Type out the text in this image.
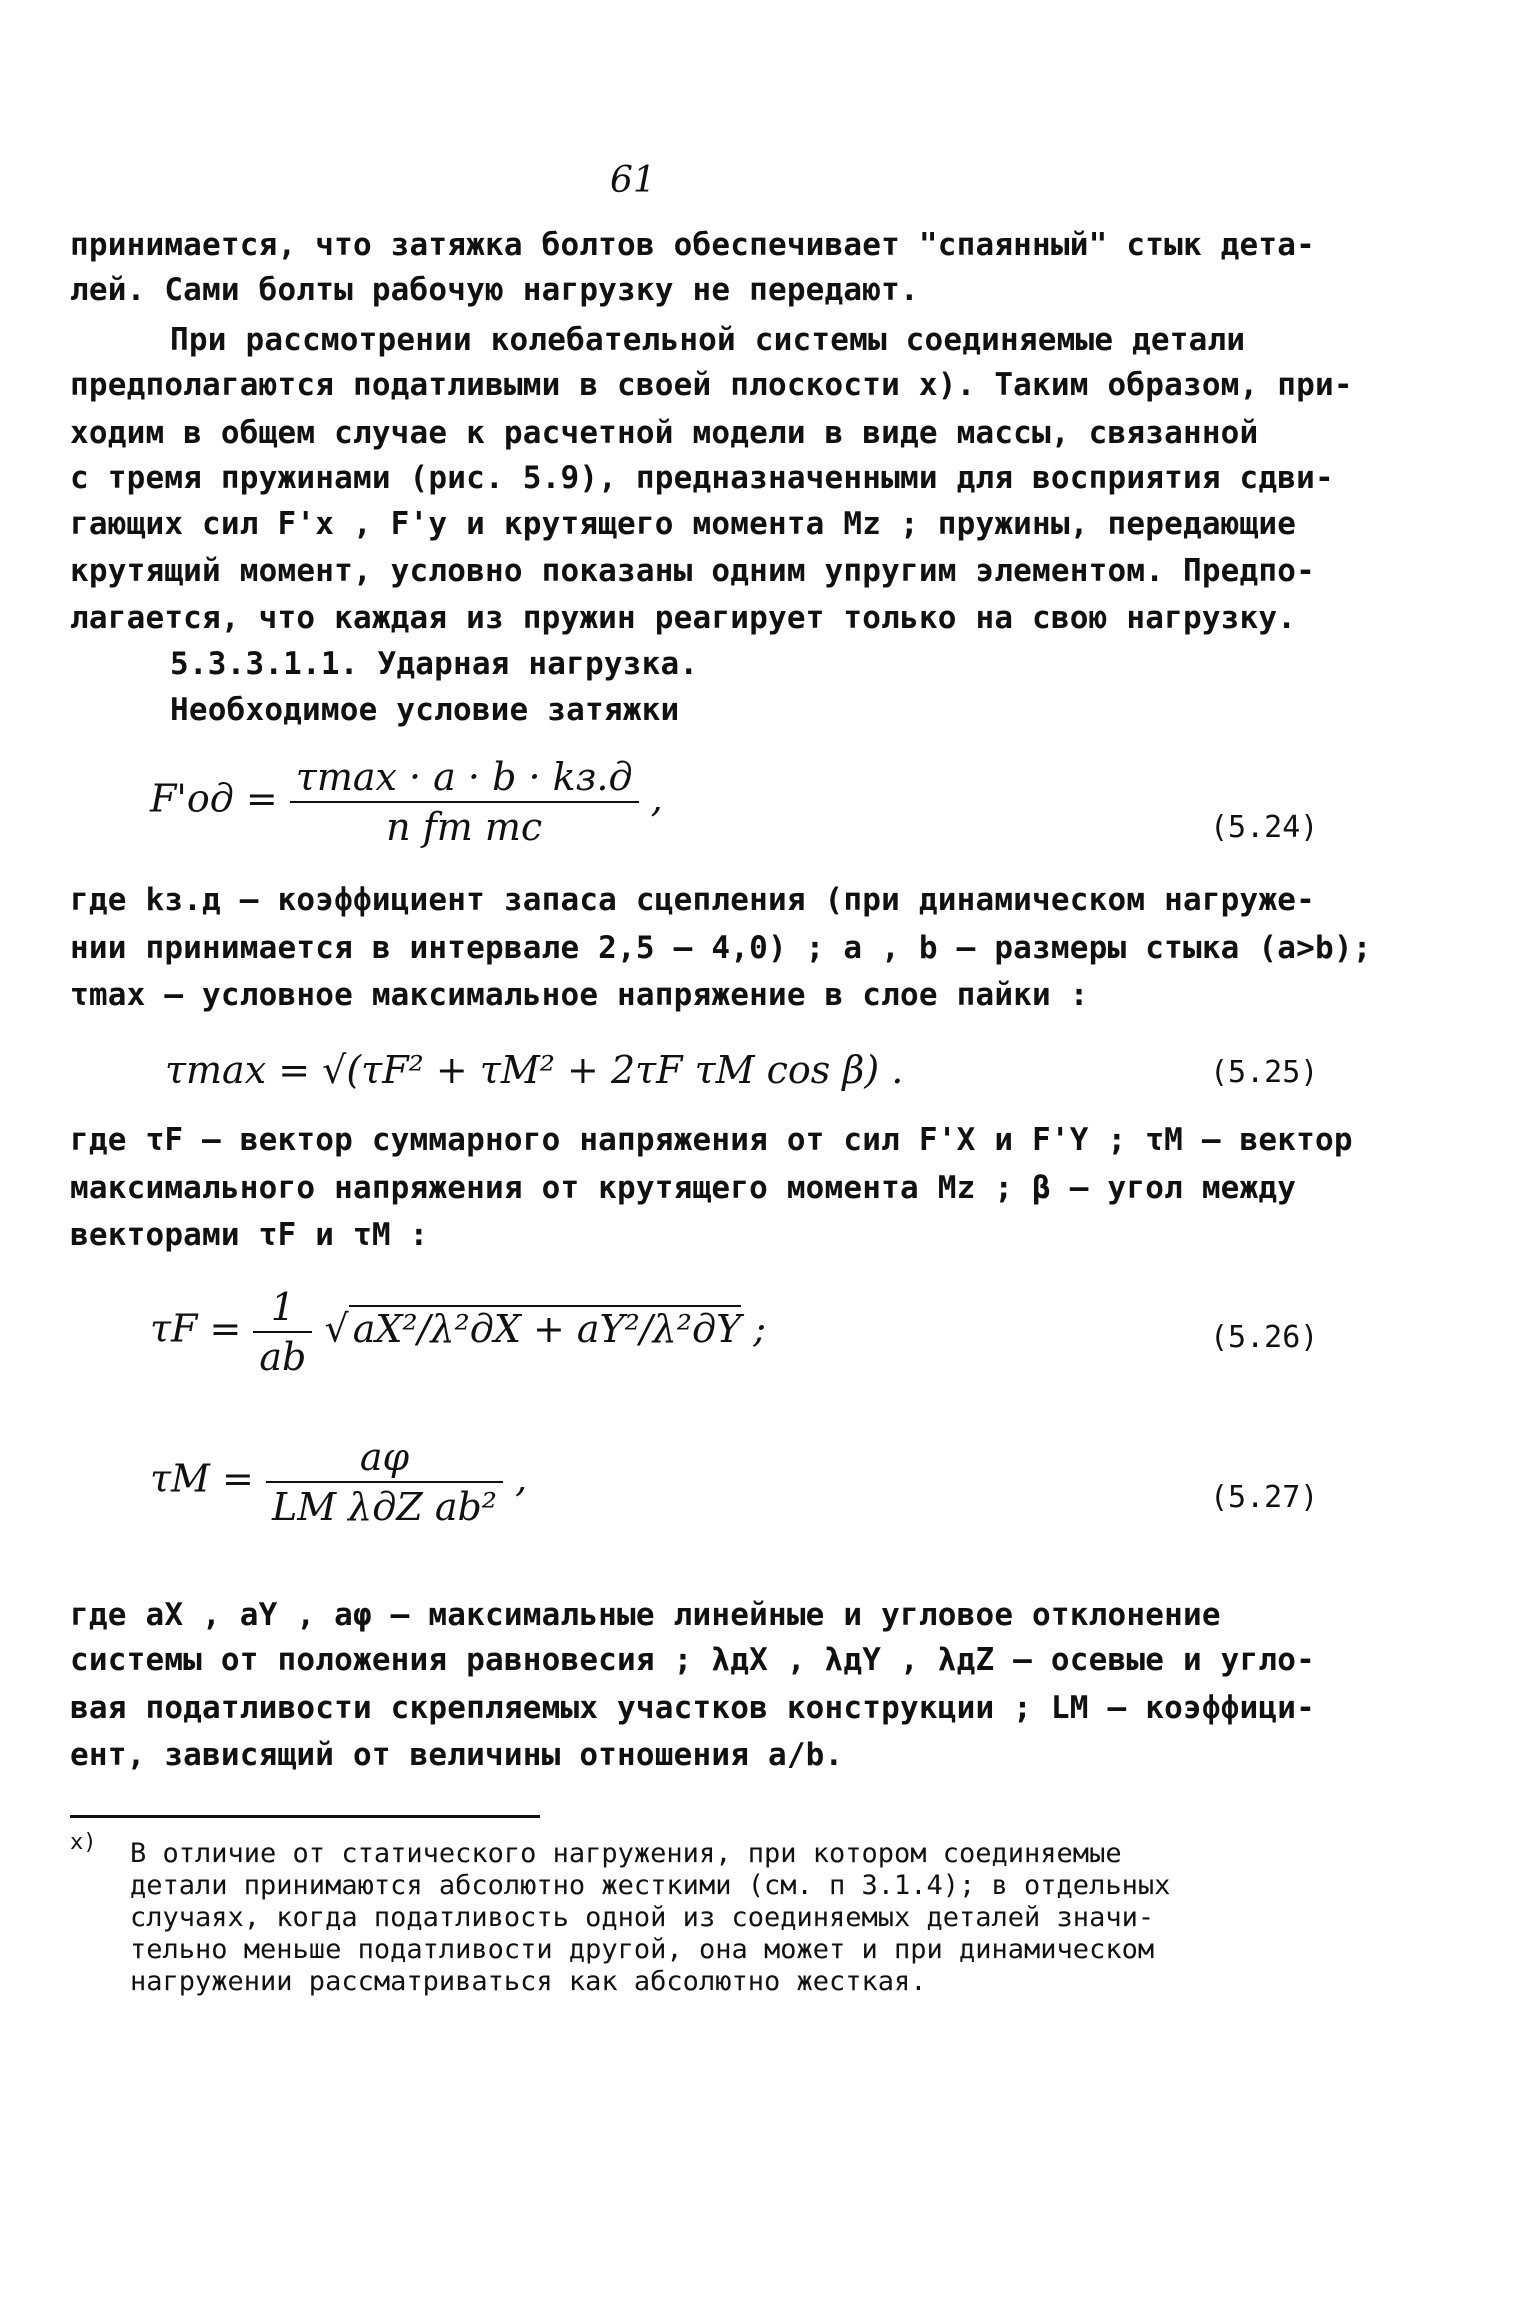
61
принимается, что затяжка болтов обеспечивает "спаянный" стык дета-
лей. Сами болты рабочую нагрузку не передают.
При рассмотрении колебательной системы соединяемые детали
предполагаются податливыми в своей плоскости x). Таким образом, при-
ходим в общем случае к расчетной модели в виде массы, связанной
с тремя пружинами (рис. 5.9), предназначенными для восприятия сдви-
гающих сил F'x , F'y и крутящего момента Mz ; пружины, передающие
крутящий момент, условно показаны одним упругим элементом. Предпо-
лагается, что каждая из пружин реагирует только на свою нагрузку.
5.3.3.1.1. Ударная нагрузка.
Необходимое условие затяжки
$F'од = \frac{\tau\max \cdot a \cdot b \cdot kз.д}{\text{n fт mс}}$ ,
(5.24)
где kз.д – коэффициент запаса сцепления (при динамическом нагруже-
нии принимается в интервале 2,5 – 4,0) ; a , b – размеры стыка (a>b);
τmax – условное максимальное напряжение в слое пайки :
τmax = √(τF² + τM² + 2τF τM cos β) .	(5.25)
где τF – вектор суммарного напряжения от сил F'X и F'Y ; τM – вектор
максимального напряжения от крутящего момента Mz ; β – угол между
векторами τF и τM :
$\tau F = \frac{1}{ab}$ √ aX²/λ²дX + aY²/λ²дY ;	(5.26)
$\tau M = \frac{a\varphi}{\text{LM λдZ ab²}}$ ,	(5.27)
где aX , aY , aφ – максимальные линейные и угловое отклонение
системы от положения равновесия ; λдX , λдY , λдZ – осевые и угло-
вая податливости скрепляемых участков конструкции ; LM – коэффици-
ент, зависящий от величины отношения a/b.
x) В отличие от статического нагружения, при котором соединяемые
детали принимаются абсолютно жесткими (см. п 3.1.4); в отдельных
случаях, когда податливость одной из соединяемых деталей значи-
тельно меньше податливости другой, она может и при динамическом
нагружении рассматриваться как абсолютно жесткая.
